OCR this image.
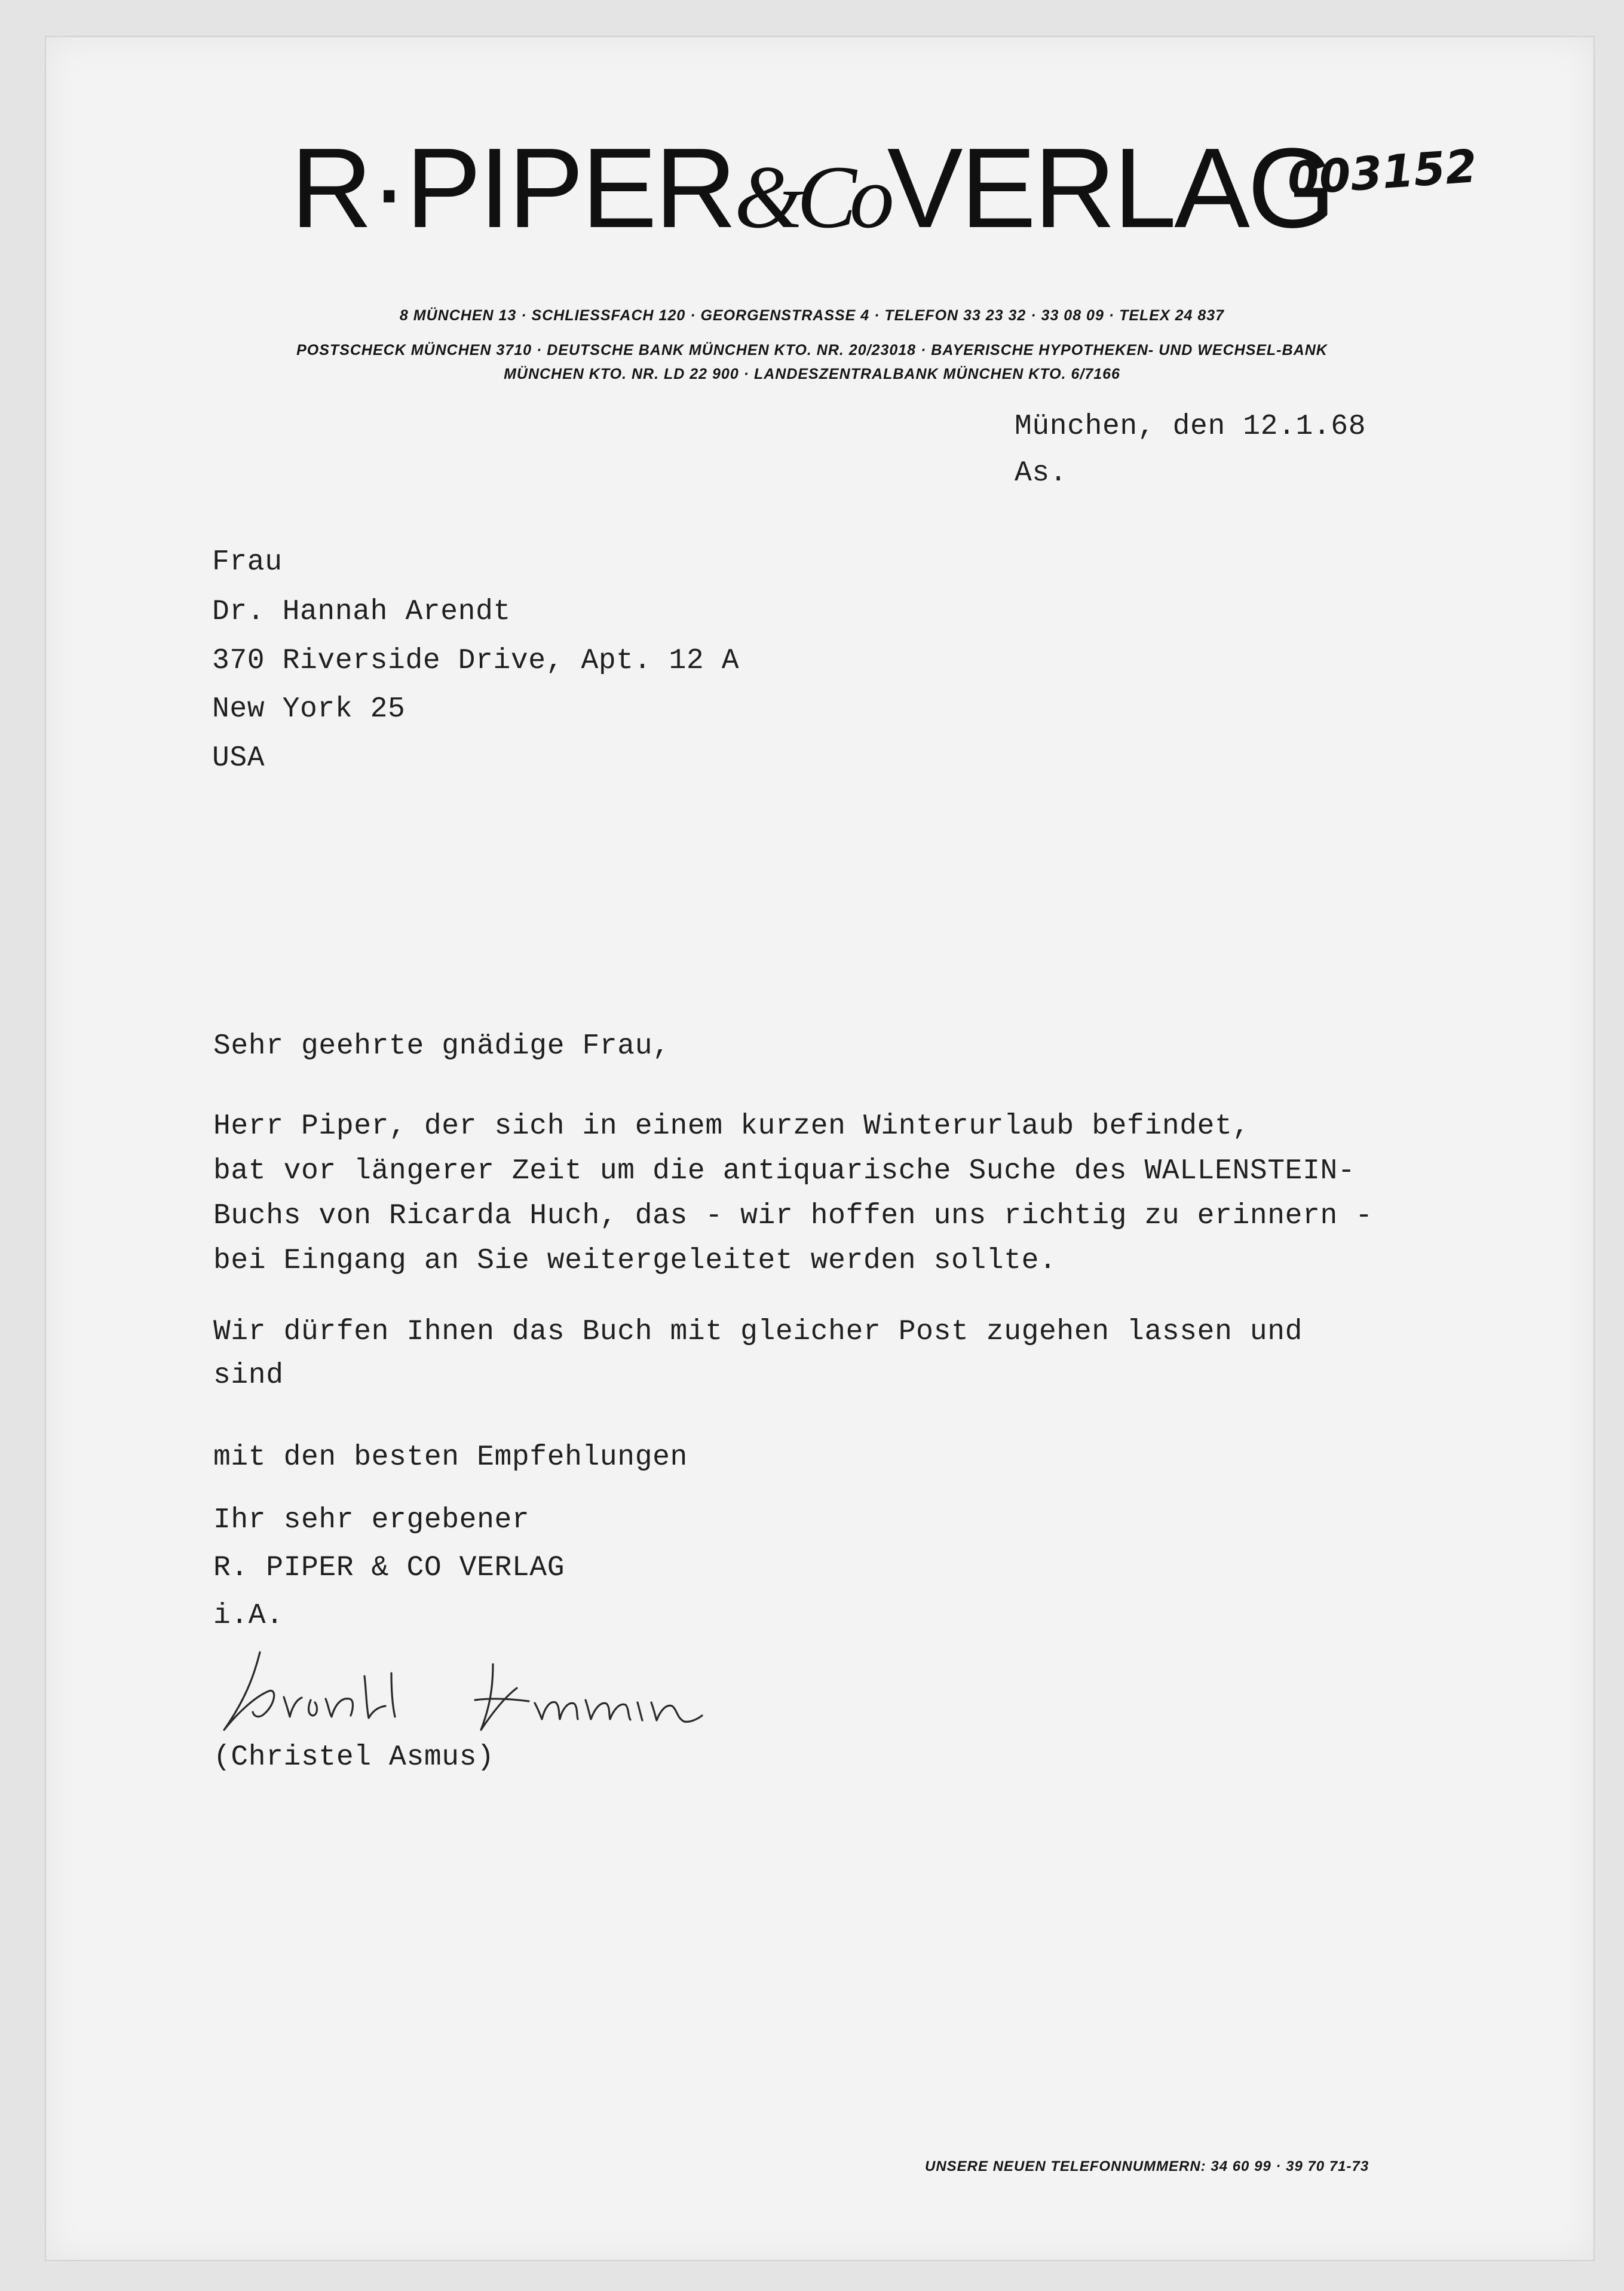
R·PIPER&CoVERLAG
003152
8 MÜNCHEN 13 · SCHLIESSFACH 120 · GEORGENSTRASSE 4 · TELEFON 33 23 32 · 33 08 09 · TELEX 24 837
POSTSCHECK MÜNCHEN 3710 · DEUTSCHE BANK MÜNCHEN KTO. NR. 20/23018 · BAYERISCHE HYPOTHEKEN- UND WECHSEL-BANK
MÜNCHEN KTO. NR. LD 22 900 · LANDESZENTRALBANK MÜNCHEN KTO. 6/7166
München, den 12.1.68
As.
Frau
Dr. Hannah Arendt
370 Riverside Drive, Apt. 12 A
New York 25
USA
Sehr geehrte gnädige Frau,
Herr Piper, der sich in einem kurzen Winterurlaub befindet,
bat vor längerer Zeit um die antiquarische Suche des WALLENSTEIN-
Buchs von Ricarda Huch, das - wir hoffen uns richtig zu erinnern -
bei Eingang an Sie weitergeleitet werden sollte.
Wir dürfen Ihnen das Buch mit gleicher Post zugehen lassen und
sind
mit den besten Empfehlungen
Ihr sehr ergebener
R. PIPER & CO VERLAG
i.A.
(Christel Asmus)
UNSERE NEUEN TELEFONNUMMERN: 34 60 99 · 39 70 71-73
